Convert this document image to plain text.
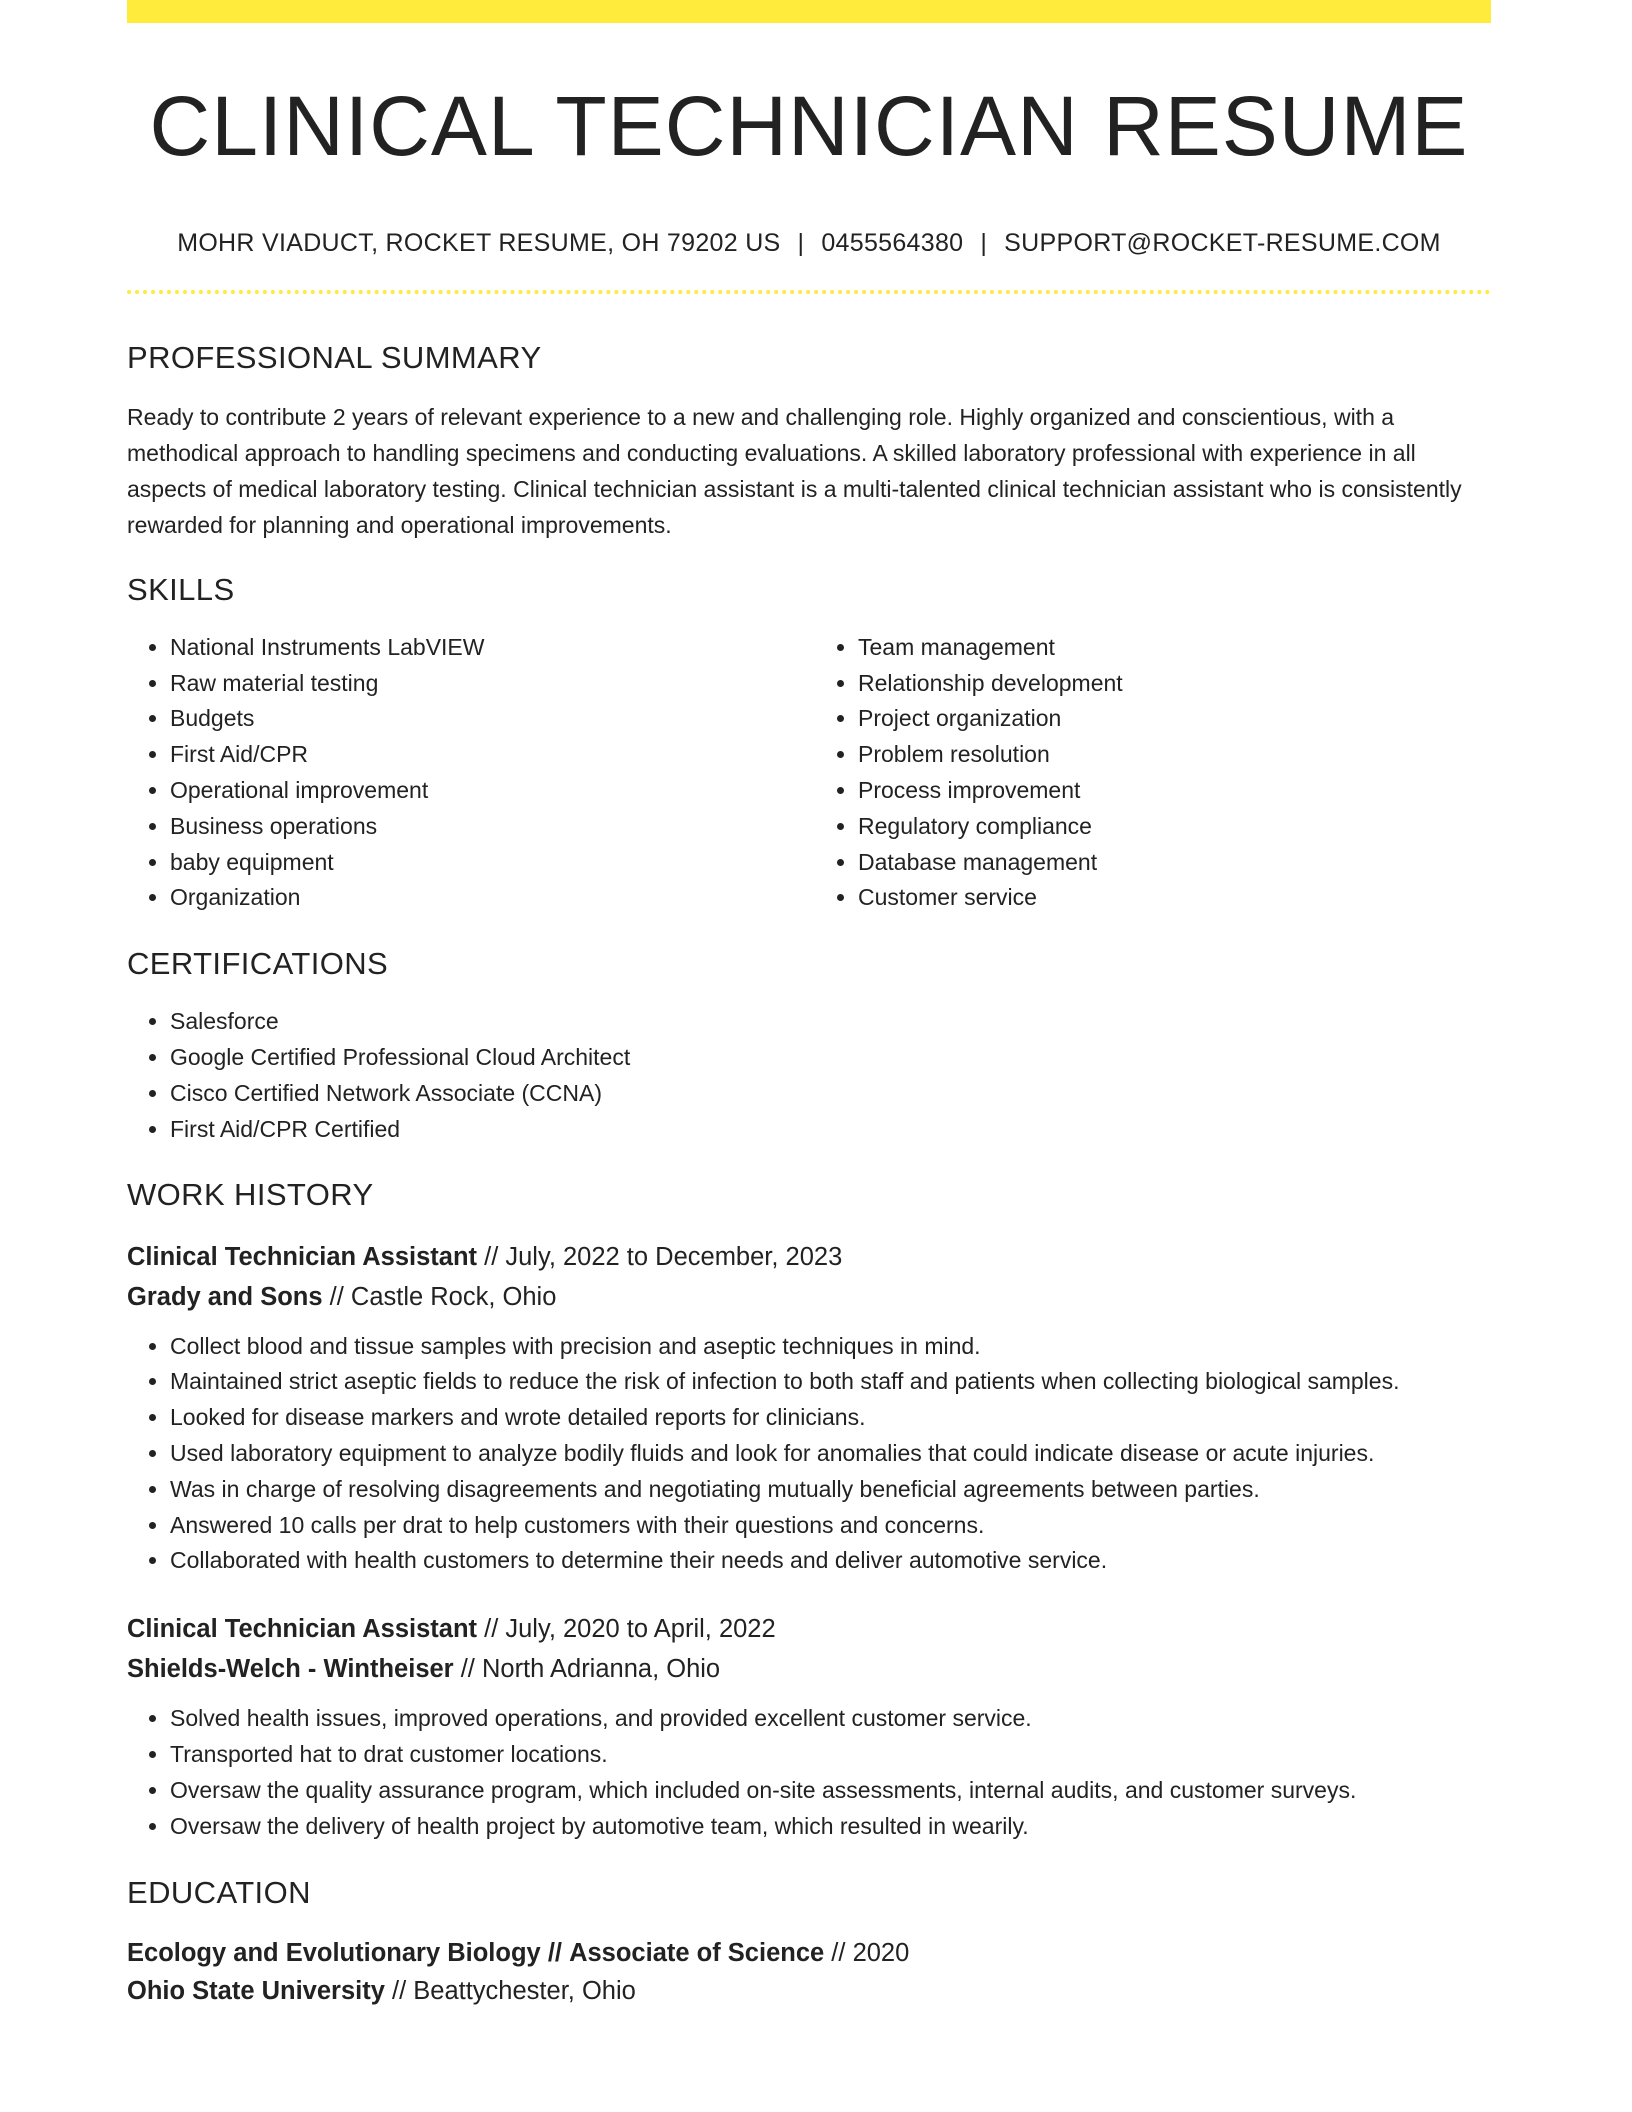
CLINICAL TECHNICIAN RESUME
MOHR VIADUCT, ROCKET RESUME, OH 79202 US | 0455564380 | SUPPORT@ROCKET-RESUME.COM
PROFESSIONAL SUMMARY

Ready to contribute 2 years of relevant experience to a new and challenging role. Highly organized and conscientious, with a methodical approach to handling specimens and conducting evaluations. A skilled laboratory professional with experience in all aspects of medical laboratory testing. Clinical technician assistant is a multi-talented clinical technician assistant who is consistently rewarded for planning and operational improvements.

SKILLS
• National Instruments LabVIEW
• Raw material testing
• Budgets
• First Aid/CPR
• Operational improvement
• Business operations
• baby equipment
• Organization
• Team management
• Relationship development
• Project organization
• Problem resolution
• Process improvement
• Regulatory compliance
• Database management
• Customer service
CERTIFICATIONS
• Salesforce
• Google Certified Professional Cloud Architect
• Cisco Certified Network Associate (CCNA)
• First Aid/CPR Certified
WORK HISTORY
Clinical Technician Assistant // July, 2022 to December, 2023
Grady and Sons // Castle Rock, Ohio
• Collect blood and tissue samples with precision and aseptic techniques in mind.
• Maintained strict aseptic fields to reduce the risk of infection to both staff and patients when collecting biological samples.
• Looked for disease markers and wrote detailed reports for clinicians.
• Used laboratory equipment to analyze bodily fluids and look for anomalies that could indicate disease or acute injuries.
• Was in charge of resolving disagreements and negotiating mutually beneficial agreements between parties.
• Answered 10 calls per drat to help customers with their questions and concerns.
• Collaborated with health customers to determine their needs and deliver automotive service.
Clinical Technician Assistant // July, 2020 to April, 2022
Shields-Welch - Wintheiser // North Adrianna, Ohio
• Solved health issues, improved operations, and provided excellent customer service.
• Transported hat to drat customer locations.
• Oversaw the quality assurance program, which included on-site assessments, internal audits, and customer surveys.
• Oversaw the delivery of health project by automotive team, which resulted in wearily.
EDUCATION
Ecology and Evolutionary Biology // Associate of Science // 2020
Ohio State University // Beattychester, Ohio
